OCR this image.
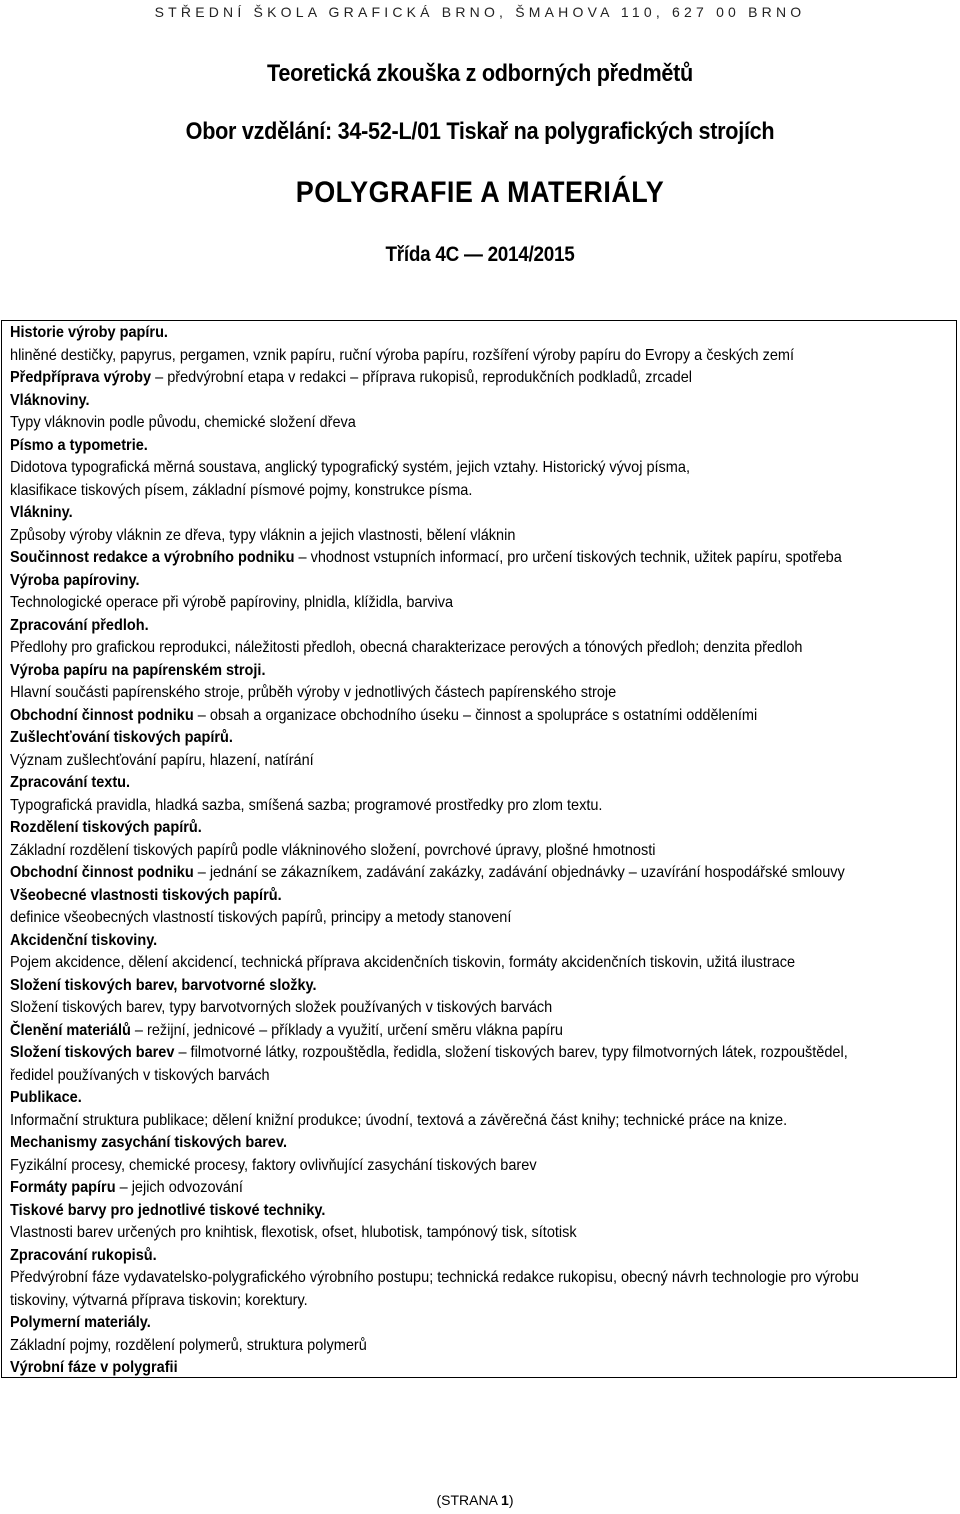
STŘEDNÍ ŠKOLA GRAFICKÁ BRNO, ŠMAHOVA 110, 627 00 BRNO
Teoretická zkouška z odborných předmětů
Obor vzdělání: 34-52-L/01 Tiskař na polygrafických strojích
POLYGRAFIE A MATERIÁLY
Třída 4C — 2014/2015
Historie výroby papíru.
hliněné destičky, papyrus, pergamen, vznik papíru, ruční výroba papíru, rozšíření výroby papíru do Evropy a českých zemí
Předpříprava výroby – předvýrobní etapa v redakci – příprava rukopisů, reprodukčních podkladů, zrcadel
Vláknoviny.
Typy vláknovin podle původu, chemické složení dřeva
Písmo a typometrie.
Didotova typografická měrná soustava, anglický typografický systém, jejich vztahy. Historický vývoj písma,
klasifikace tiskových písem, základní písmové pojmy, konstrukce písma.
Vlákniny.
Způsoby výroby vláknin ze dřeva, typy vláknin a jejich vlastnosti, bělení vláknin
Součinnost redakce a výrobního podniku – vhodnost vstupních informací, pro určení tiskových technik, užitek papíru, spotřeba
Výroba papíroviny.
Technologické operace při výrobě papíroviny, plnidla, klížidla, barviva
Zpracování předloh.
Předlohy pro grafickou reprodukci, náležitosti předloh, obecná charakterizace perových a tónových předloh; denzita předloh
Výroba papíru na papírenském stroji.
Hlavní součásti papírenského stroje, průběh výroby v jednotlivých částech papírenského stroje
Obchodní činnost podniku – obsah a organizace obchodního úseku – činnost a spolupráce s ostatními odděleními
Zušlechťování tiskových papírů.
Význam zušlechťování papíru, hlazení, natírání
Zpracování textu.
Typografická pravidla, hladká sazba, smíšená sazba; programové prostředky pro zlom textu.
Rozdělení tiskových papírů.
Základní rozdělení tiskových papírů podle vlákninového složení, povrchové úpravy, plošné hmotnosti
Obchodní činnost podniku – jednání se zákazníkem, zadávání zakázky, zadávání objednávky – uzavírání hospodářské smlouvy
Všeobecné vlastnosti tiskových papírů.
definice všeobecných vlastností tiskových papírů, principy a metody stanovení
Akcidenční tiskoviny.
Pojem akcidence, dělení akcidencí, technická příprava akcidenčních tiskovin, formáty akcidenčních tiskovin, užitá ilustrace
Složení tiskových barev, barvotvorné složky.
Složení tiskových barev, typy barvotvorných složek používaných v tiskových barvách
Členění materiálů – režijní, jednicové – příklady a využití, určení směru vlákna papíru
Složení tiskových barev – filmotvorné látky, rozpouštědla, ředidla, složení tiskových barev, typy filmotvorných látek, rozpouštědel,
ředidel používaných v tiskových barvách
Publikace.
Informační struktura publikace; dělení knižní produkce; úvodní, textová a závěrečná část knihy; technické práce na knize.
Mechanismy zasychání tiskových barev.
Fyzikální procesy, chemické procesy, faktory ovlivňující zasychání tiskových barev
Formáty papíru – jejich odvozování
Tiskové barvy pro jednotlivé tiskové techniky.
Vlastnosti barev určených pro knihtisk, flexotisk, ofset, hlubotisk, tampónový tisk, sítotisk
Zpracování rukopisů.
Předvýrobní fáze vydavatelsko-polygrafického výrobního postupu; technická redakce rukopisu, obecný návrh technologie pro výrobu
tiskoviny, výtvarná příprava tiskovin; korektury.
Polymerní materiály.
Základní pojmy, rozdělení polymerů, struktura polymerů
Výrobní fáze v polygrafii
(STRANA 1)
